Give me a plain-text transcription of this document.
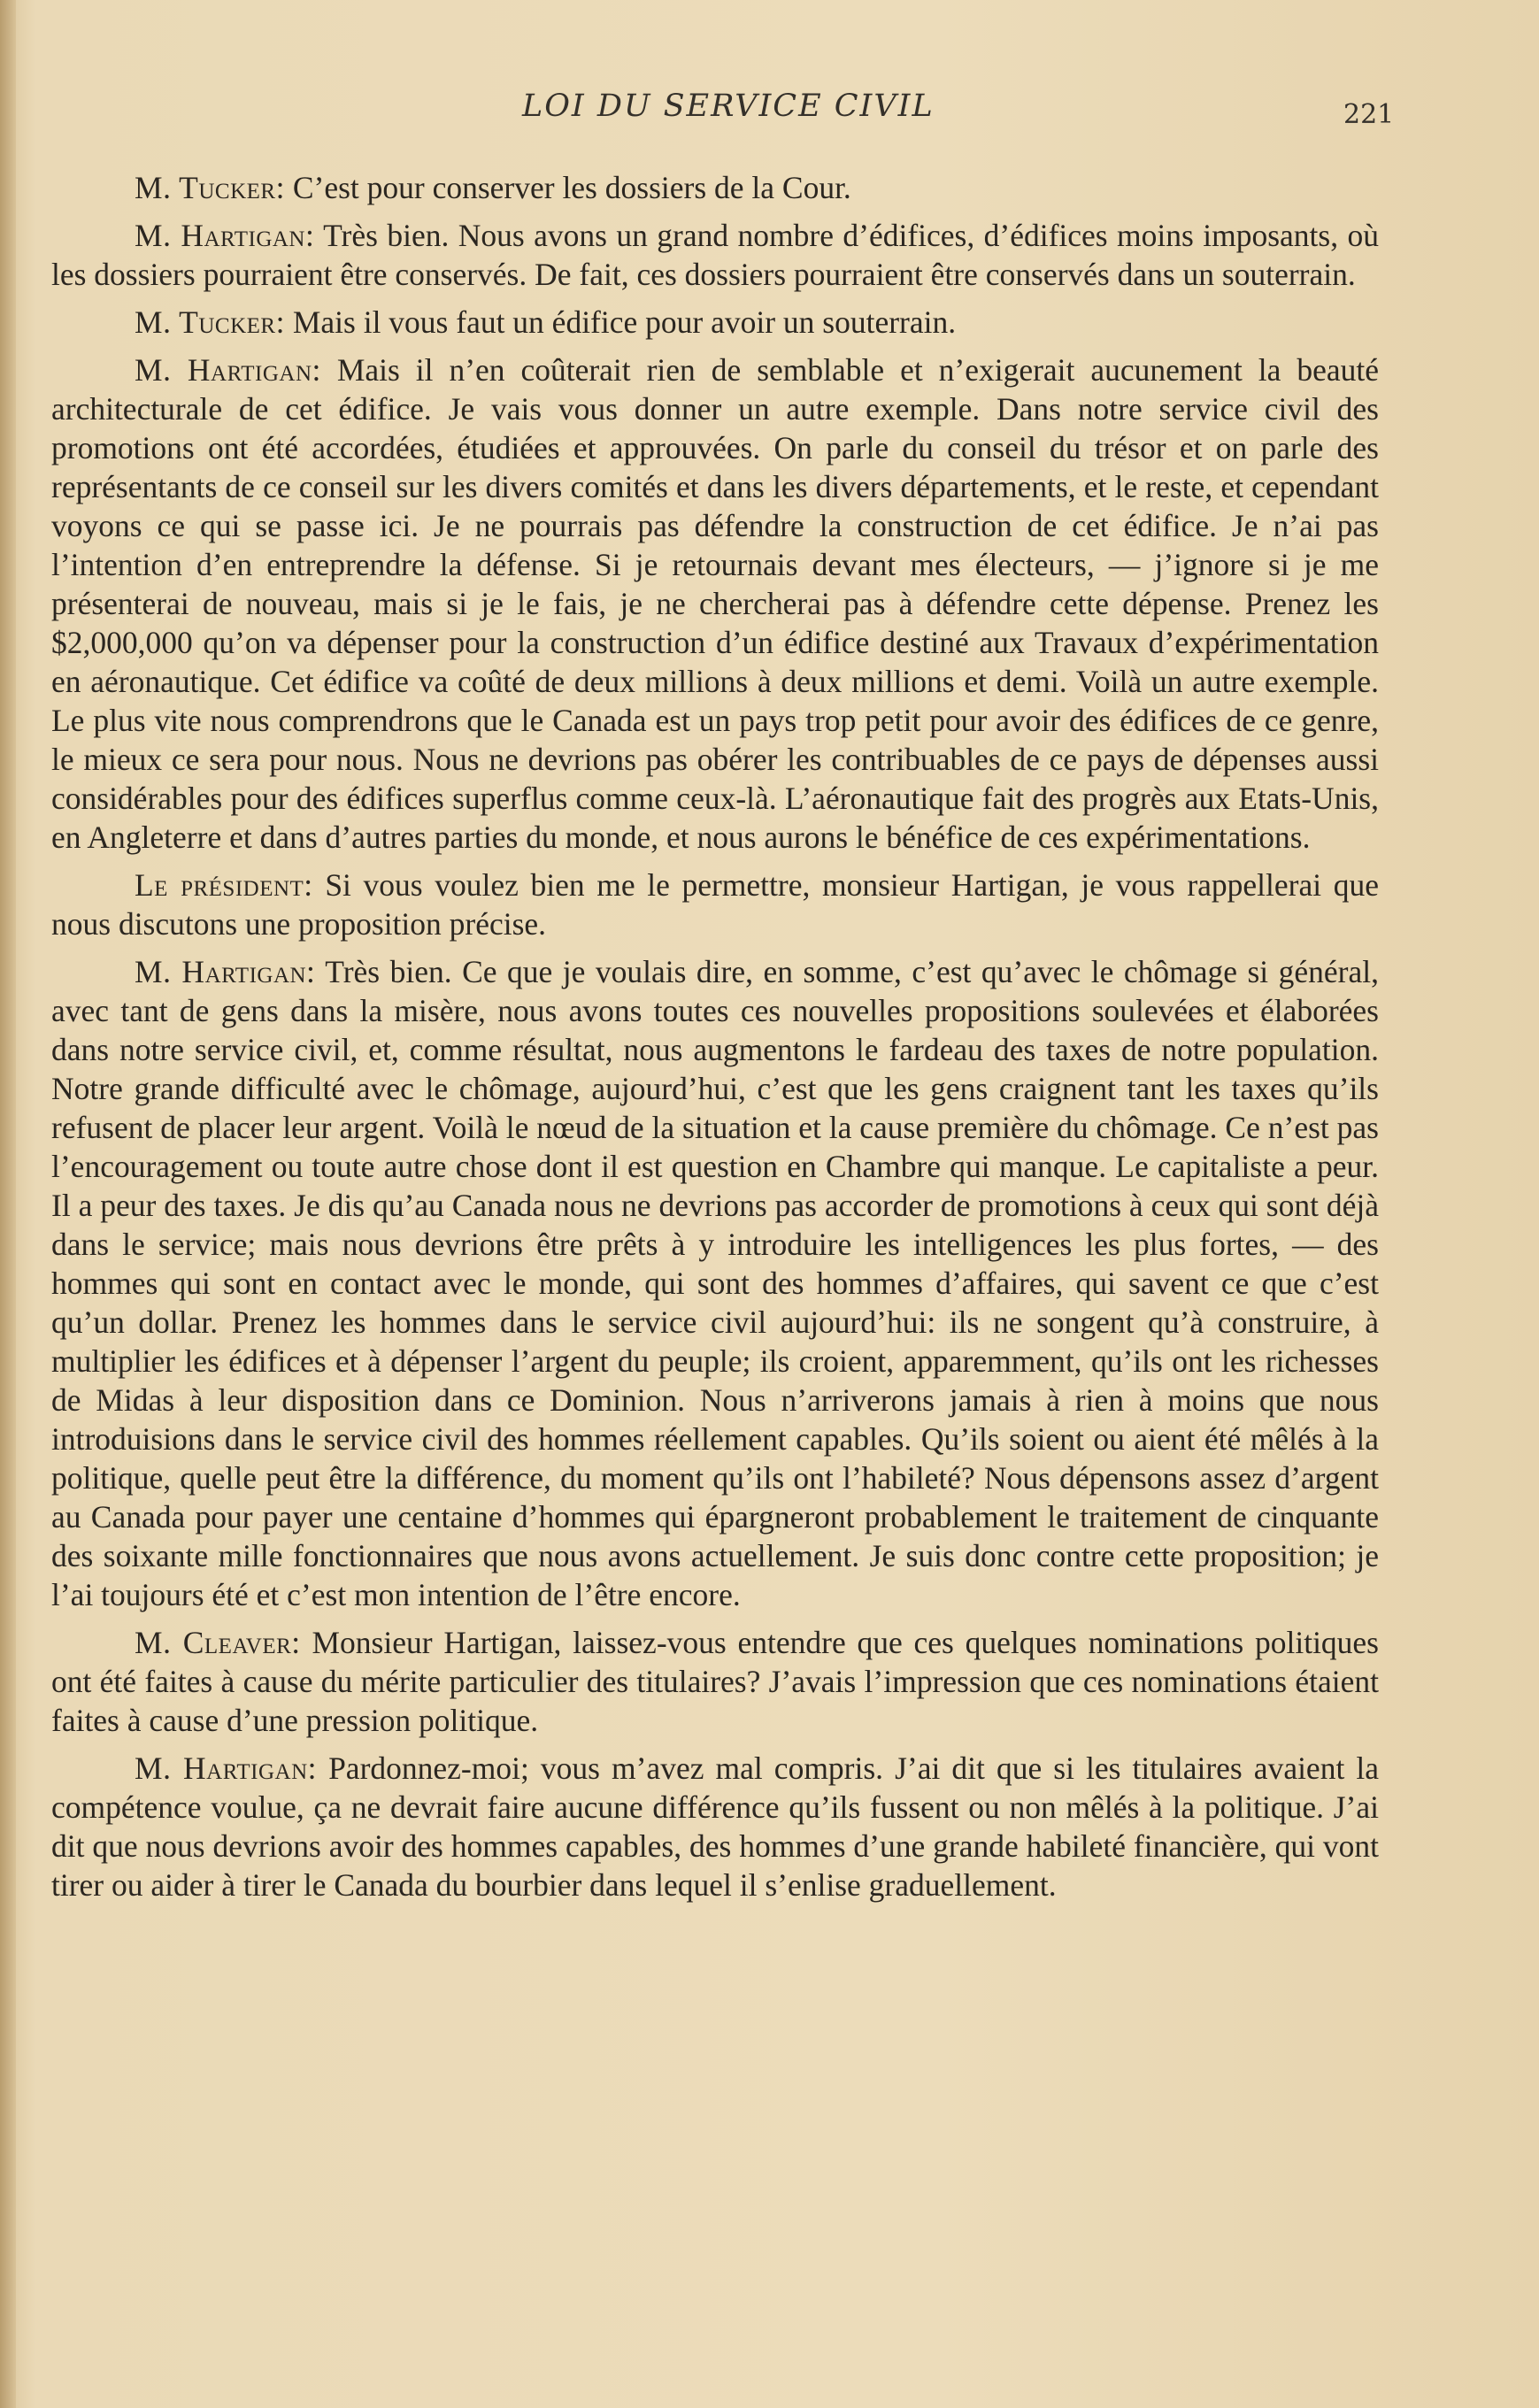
LOI DU SERVICE CIVIL	221

M. Tucker: C’est pour conserver les dossiers de la Cour.

M. Hartigan: Très bien. Nous avons un grand nombre d’édifices, d’édifices moins imposants, où les dossiers pourraient être conservés. De fait, ces dossiers pourraient être conservés dans un souterrain.

M. Tucker: Mais il vous faut un édifice pour avoir un souterrain.

M. Hartigan: Mais il n’en coûterait rien de semblable et n’exigerait aucunement la beauté architecturale de cet édifice. Je vais vous donner un autre exemple. Dans notre service civil des promotions ont été accordées, étudiées et approuvées. On parle du conseil du trésor et on parle des représentants de ce conseil sur les divers comités et dans les divers départements, et le reste, et cependant voyons ce qui se passe ici. Je ne pourrais pas défendre la construction de cet édifice. Je n’ai pas l’intention d’en entreprendre la défense. Si je retournais devant mes électeurs, — j’ignore si je me présenterai de nouveau, mais si je le fais, je ne chercherai pas à défendre cette dépense. Prenez les $2,000,000 qu’on va dépenser pour la construction d’un édifice destiné aux Travaux d’expérimentation en aéronautique. Cet édifice va coûté de deux millions à deux millions et demi. Voilà un autre exemple. Le plus vite nous comprendrons que le Canada est un pays trop petit pour avoir des édifices de ce genre, le mieux ce sera pour nous. Nous ne devrions pas obérer les contribuables de ce pays de dépenses aussi considérables pour des édifices superflus comme ceux-là. L’aéronautique fait des progrès aux Etats-Unis, en Angleterre et dans d’autres parties du monde, et nous aurons le bénéfice de ces expérimentations.

Le président: Si vous voulez bien me le permettre, monsieur Hartigan, je vous rappellerai que nous discutons une proposition précise.

M. Hartigan: Très bien. Ce que je voulais dire, en somme, c’est qu’avec le chômage si général, avec tant de gens dans la misère, nous avons toutes ces nouvelles propositions soulevées et élaborées dans notre service civil, et, comme résultat, nous augmentons le fardeau des taxes de notre population. Notre grande difficulté avec le chômage, aujourd’hui, c’est que les gens craignent tant les taxes qu’ils refusent de placer leur argent. Voilà le nœud de la situation et la cause première du chômage. Ce n’est pas l’encouragement ou toute autre chose dont il est question en Chambre qui manque. Le capitaliste a peur. Il a peur des taxes. Je dis qu’au Canada nous ne devrions pas accorder de promotions à ceux qui sont déjà dans le service; mais nous devrions être prêts à y introduire les intelligences les plus fortes, — des hommes qui sont en contact avec le monde, qui sont des hommes d’affaires, qui savent ce que c’est qu’un dollar. Prenez les hommes dans le service civil aujourd’hui: ils ne songent qu’à construire, à multiplier les édifices et à dépenser l’argent du peuple; ils croient, apparemment, qu’ils ont les richesses de Midas à leur disposition dans ce Dominion. Nous n’arriverons jamais à rien à moins que nous introduisions dans le service civil des hommes réellement capables. Qu’ils soient ou aient été mêlés à la politique, quelle peut être la différence, du moment qu’ils ont l’habileté? Nous dépensons assez d’argent au Canada pour payer une centaine d’hommes qui épargneront probablement le traitement de cinquante des soixante mille fonctionnaires que nous avons actuellement. Je suis donc contre cette proposition; je l’ai toujours été et c’est mon intention de l’être encore.

M. Cleaver: Monsieur Hartigan, laissez-vous entendre que ces quelques nominations politiques ont été faites à cause du mérite particulier des titulaires? J’avais l’impression que ces nominations étaient faites à cause d’une pression politique.

M. Hartigan: Pardonnez-moi; vous m’avez mal compris. J’ai dit que si les titulaires avaient la compétence voulue, ça ne devrait faire aucune différence qu’ils fussent ou non mêlés à la politique. J’ai dit que nous devrions avoir des hommes capables, des hommes d’une grande habileté financière, qui vont tirer ou aider à tirer le Canada du bourbier dans lequel il s’enlise graduellement.
